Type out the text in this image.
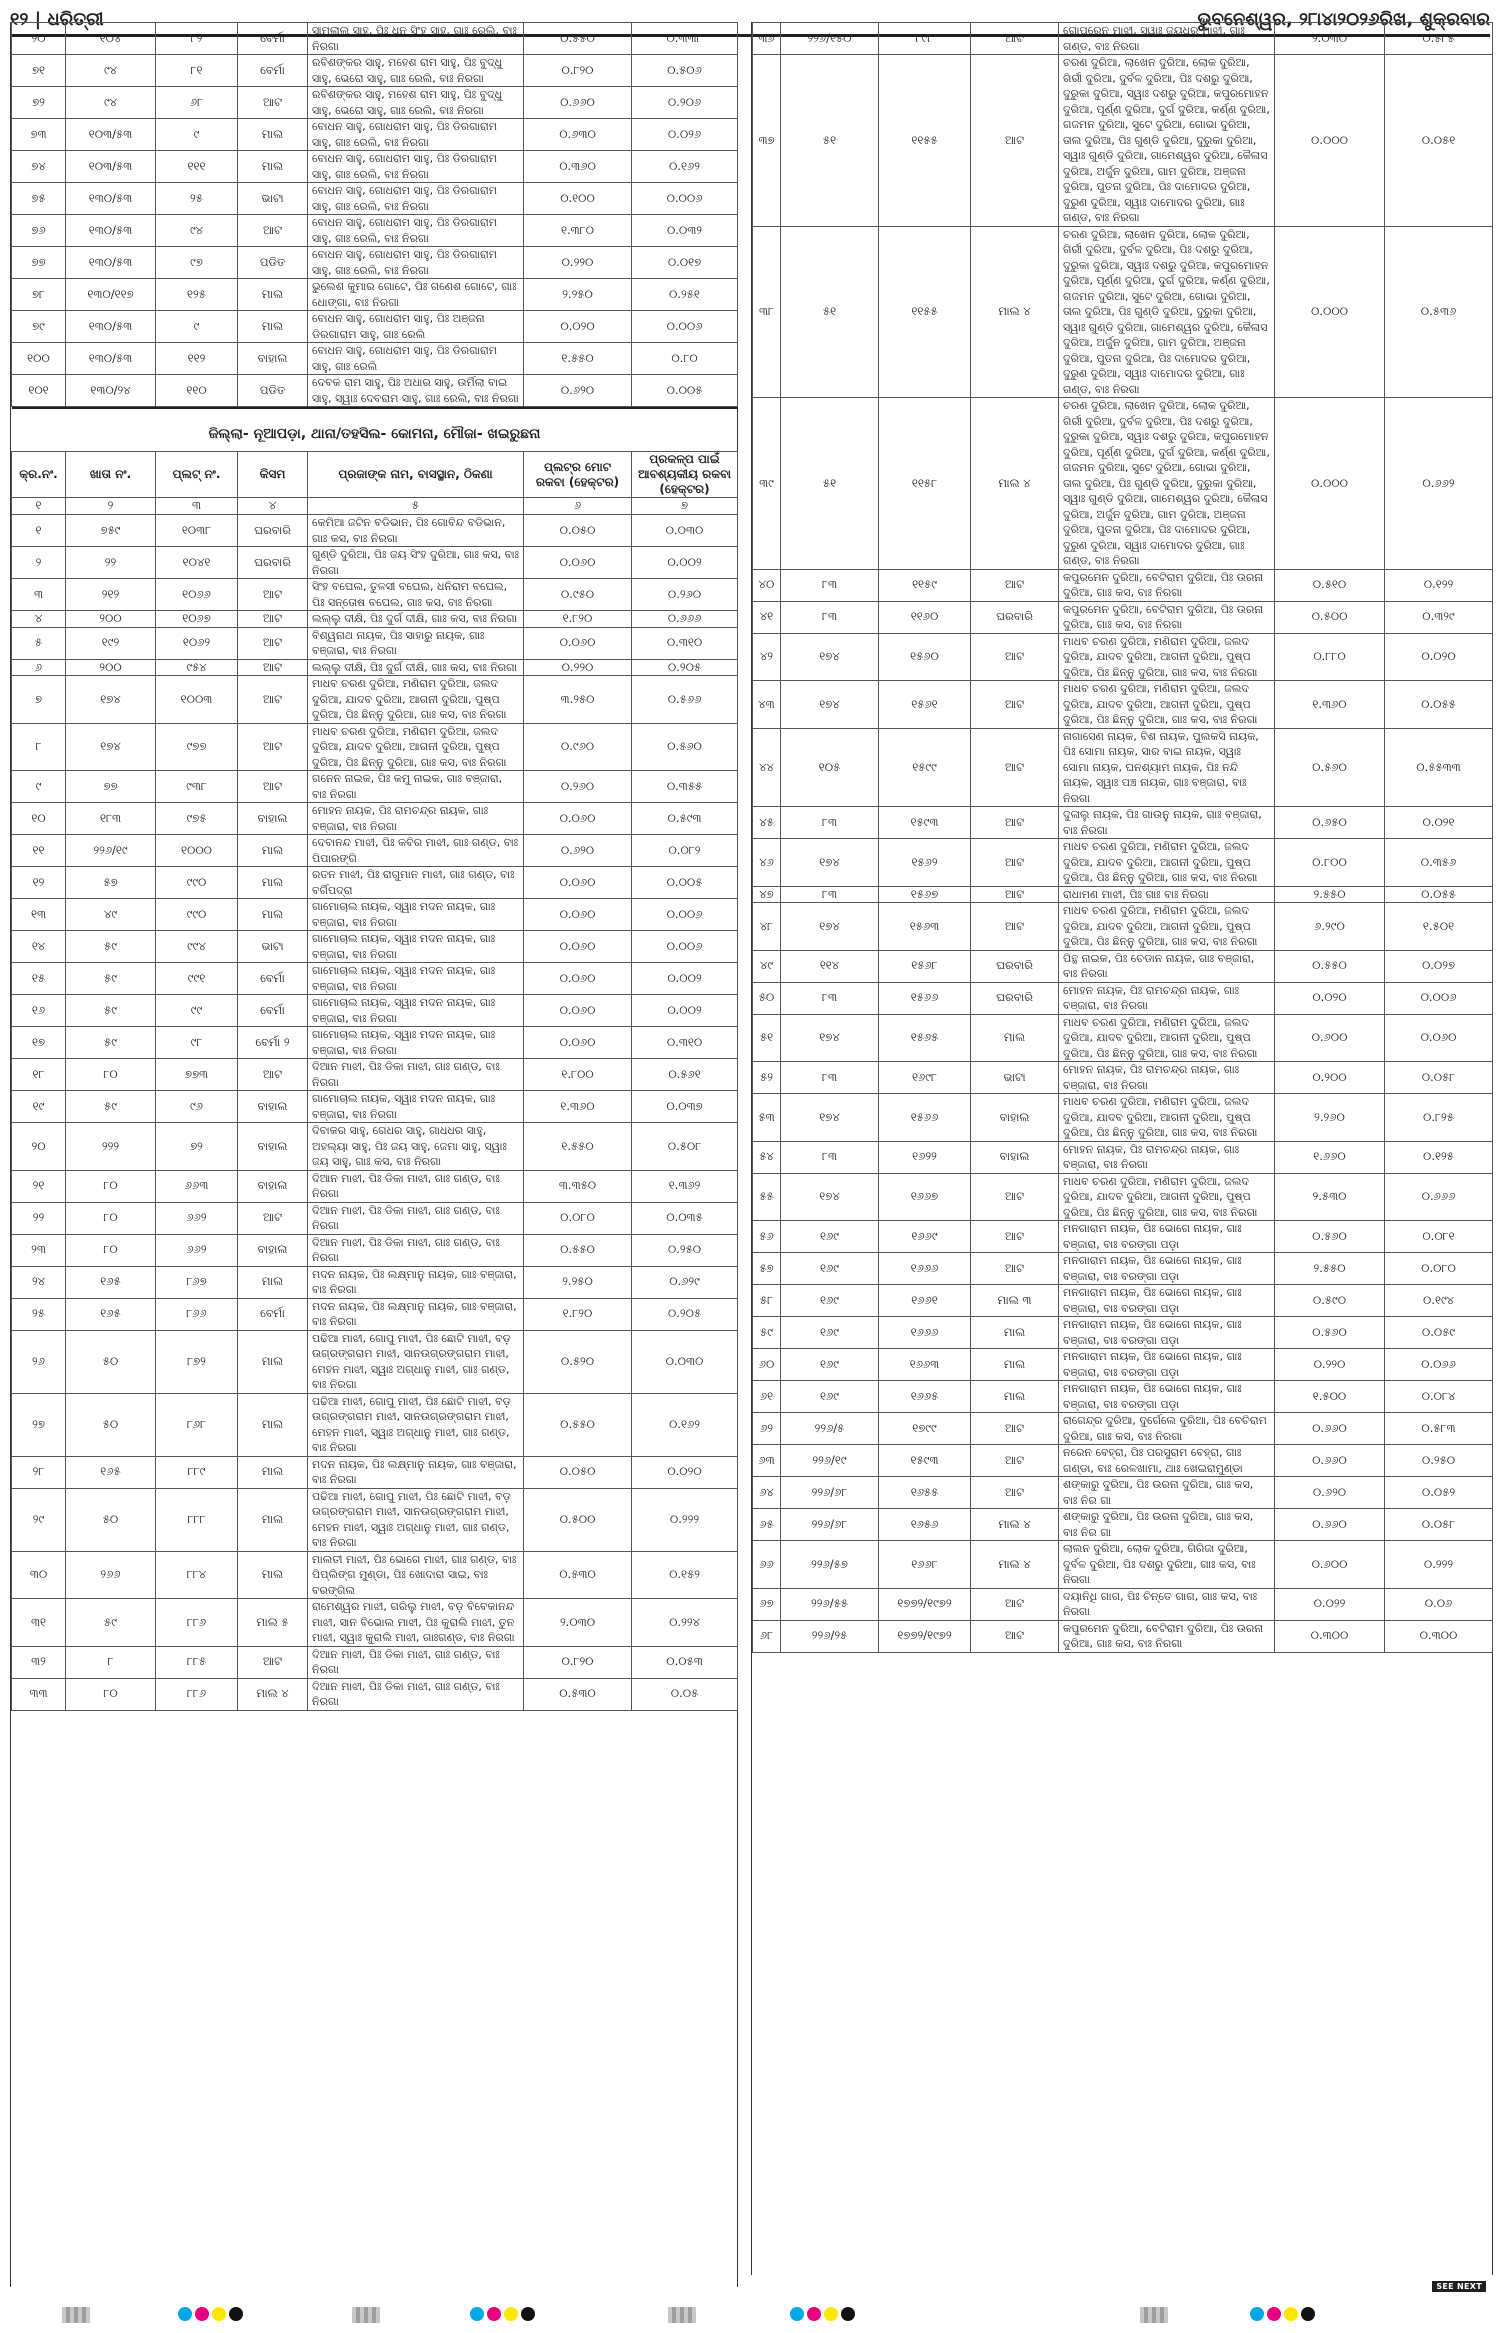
୧୨ | ଧରିତ୍ରୀ	ଭୁବନେଶ୍ୱର, ୨୮ା୪ା୨୦୨୬ରିଖ, ଶୁକ୍ରବାର
୨୦	୧୦୪	୮୨	ବେର୍ମା	ସାମଲାଲ ସାହୁ, ପିଃ ଧନ ସିଂହ ସାହୁ, ଗାଃ ରେଲି, ବାଃ ନିରଗା	୦.୫୫୦	୦.୩୩୮
୭୧	୯୪	୮୧	ବେର୍ମା	ରବିଶଙ୍କର ସାହୁ, ମହେଶ ରାମ ସାହୁ, ପିଃ ବୁଦ୍ଧୁ ସାହୁ, ଭେରୋ ସାହୁ, ଗାଃ ରେଲି, ବାଃ ନିରଗା	୦.୮୨୦	୦.୫୦୬
୭୨	୯୪	୬୮	ଆଟ	ରବିଶଙ୍କର ସାହୁ, ମହେଶ ରାମ ସାହୁ, ପିଃ ବୁଦ୍ଧୁ ସାହୁ, ଭେରୋ ସାହୁ, ଗାଃ ରେଲି, ବାଃ ନିରଗା	୦.୬୬୦	୦.୨୦୬
୭୩	୧୦୩/୫୩	୯	ମାଲ	ବୋଧନ ସାହୁ, ଗୋଧରାମ ସାହୁ, ପିଃ ଡିରଗାରାମ ସାହୁ, ଗାଃ ରେଲି, ବାଃ ନିରଗା	୦.୬୩୦	୦.୦୨୬
୭୪	୧୦୩/୫୩	୧୧୧	ମାଲ	ବୋଧନ ସାହୁ, ଗୋଧରାମ ସାହୁ, ପିଃ ଡିରଗାରାମ ସାହୁ, ଗାଃ ରେଲି, ବାଃ ନିରଗା	୦.୩୬୦	୦.୧୬୨
୭୫	୧୩୦/୫୩	୨୫	ଭାଟା	ବୋଧନ ସାହୁ, ଗୋଧରାମ ସାହୁ, ପିଃ ଡିରଗାରାମ ସାହୁ, ଗାଃ ରେଲି, ବାଃ ନିରଗା	୦.୧୦୦	୦.୦୦୬
୭୬	୧୩୦/୫୩	୯୪	ଆଟ	ବୋଧନ ସାହୁ, ଗୋଧରାମ ସାହୁ, ପିଃ ଡିରଗାରାମ ସାହୁ, ଗାଃ ରେଲି, ବାଃ ନିରଗା	୧.୩୮୦	୦.୦୩୨
୭୭	୧୩୦/୫୩	୯୭	ପଡିତ	ବୋଧନ ସାହୁ, ଗୋଧରାମ ସାହୁ, ପିଃ ଡିରଗାରାମ ସାହୁ, ଗାଃ ରେଲି, ବାଃ ନିରଗା	୦.୨୨୦	୦.୦୧୭
୭୮	୧୩୦/୧୧୭	୧୨୫	ମାଲ	ଭୁଲେଶ କୁମାର ଗୋଟେ, ପିଃ ଗଣେଶ ଗୋଟେ, ଗାଃ ଧୋଙ୍ଗା, ବାଃ ନିରଗା	୨.୨୫୦	୦.୨୫୧
୭୯	୧୩୦/୫୩	୯	ମାଲ	ବୋଧନ ସାହୁ, ଗୋଧରାମ ସାହୁ, ପିଃ ଅଞ୍ଜନା ଡିରଗାରାମ ସାହୁ, ଗାଃ ରେଲି	୦.୦୨୦	୦.୦୦୬
୧୦୦	୧୩୦/୫୩	୧୧୨	ବାହାଲ	ବୋଧନ ସାହୁ, ଗୋଧରାମ ସାହୁ, ପିଃ ଡିରଗାରାମ ସାହୁ, ଗାଃ ରେଲି	୧.୫୫୦	୦.୮୦
୧୦୧	୧୩୦/୨୪	୧୧୦	ପଡିତ	ଦେବକ ରାମ ସାହୁ, ପିଃ ଅଧାର ସାହୁ, ଉର୍ମିଲା ବାଇ ସାହୁ, ସ୍ୱାଃ ଦେବରାମ ସାହୁ, ଗାଃ ରେଲି, ବାଃ ନିରଗା	୦.୬୨୦	୦.୦୦୫
ଜିଲ୍ଲା- ନୂଆପଡ଼ା, ଥାନା/ତହସିଲ- କୋମନା, ମୌଜା- ଖଇରୁଛନା						
କ୍ର.ନଂ.	ଖାତା ନଂ.	ପ୍ଲଟ୍ ନଂ.	କିସମ	ପ୍ରଜାଙ୍କ ନାମ, ବାସସ୍ଥାନ, ଠିକଣା	ପ୍ଲଟ୍‌ର ମୋଟ ରକବା (ହେକ୍ଟର)	ପ୍ରକଳ୍ପ ପାଇଁ ଆବଶ୍ୟକୀୟ ରକବା (ହେକ୍ଟର)
୧	୨	୩	୪	୫	୬	୭
୧	୭୫୯	୧୦୩୮	ଘରବାରି	କେମିଆ ଜଟିନ ବଡିଭାନ, ପିଃ ଗୋବିନ୍ଦ ବଡିଭାନ, ଗାଃ କସ, ବାଃ ନିରଗା	୦.୦୫୦	୦.୦୩୦
୨	୨୨	୧୦୪୧	ଘରବାରି	ଗୁଣ୍ଡି ଦୁରିଆ, ପିଃ ଜୟ ସିଂହ ଦୁରିଆ, ଗାଃ କସ, ବାଃ ନିରଗା	୦.୦୬୦	୦.୦୦୨
୩	୨୧୨	୧୦୬୬	ଆଟ	ସିଂହ ବଘେଲ, ତୁଳସୀ ବଘେଲ, ଧନିରାମ ବଘେଲ, ପିଃ ସନ୍ତୋଷ ବଘେଲ, ଗାଃ କସ, ବାଃ ନିରଗା	୦.୯୫୦	୦.୨୬୦
୪	୨୦୦	୧୦୬୭	ଆଟ	ଲଲ୍ଲୁ ଦୀକ୍ଷି, ପିଃ ଦୁର୍ଗ ଦୀକ୍ଷି, ଗାଃ କସ, ବାଃ ନିରଗା	୧.୮୨୦	୦.୬୬୬
୫	୧୯୨	୧୦୬୨	ଆଟ	ବିଶ୍ୱନାଥ ନାୟକ, ପିଃ ସାହାରୁ ନାୟକ, ଗାଃ ବଞ୍ଜାରା, ବାଃ ନିରଗା	୦.୦୬୦	୦.୩୧୦
୬	୨୦୦	୯୫୪	ଆଟ	ଲଲ୍ଲୁ ଦୀକ୍ଷି, ପିଃ ଦୁର୍ଗ ଦୀକ୍ଷି, ଗାଃ କସ, ବାଃ ନିରଗା	୦.୨୨୦	୦.୨୦୫
୭	୧୭୪	୧୦୦୩	ଆଟ	ମାଧବ ଚରଣ ଦୁରିଆ, ମଣିରାମ ଦୁରିଆ, ଜଲଦ ଦୁରିଆ, ଯାଦବ ଦୁରିଆ, ଆଗନୀ ଦୁରିଆ, ପୁଷ୍ପ ଦୁରିଆ, ପିଃ ଛିନ୍ନୁ ଦୁରିଆ, ଗାଃ କସ, ବାଃ ନିରଗା	୩.୨୫୦	୦.୫୬୬
୮	୧୭୪	୯୭୭	ଆଟ	ମାଧବ ଚରଣ ଦୁରିଆ, ମଣିରାମ ଦୁରିଆ, ଜଲଦ ଦୁରିଆ, ଯାଦବ ଦୁରିଆ, ଆଗନୀ ଦୁରିଆ, ପୁଷ୍ପ ଦୁରିଆ, ପିଃ ଛିନ୍ନୁ ଦୁରିଆ, ଗାଃ କସ, ବାଃ ନିରଗା	୦.୯୬୦	୦.୫୬୦
୯	୭୭	୯୩୮	ଆଟ	ଗନେନ ନାଇକ, ପିଃ କମୁ ନାଇକ, ଗାଃ ବଞ୍ଜାରା, ବାଃ ନିରଗା	୦.୨୬୦	୦.୩୫୫
୧୦	୧୮୩	୯୭୫	ବାହାଲ	ମୋହନ ନାୟକ, ପିଃ ରାମଚନ୍ଦ୍ର ନାୟକ, ଗାଃ ବଞ୍ଜାରା, ବାଃ ନିରଗା	୦.୦୬୦	୦.୫୯୩
୧୧	୨୨୬/୧୯	୧୦୦୦	ମାଲ	ଦେବାନନ୍ଦ ମାଝୀ, ପିଃ କବିର ମାଝୀ, ଗାଃ ଗଣ୍ଡ, ବାଃ ପିପାରଙ୍ଗି	୦.୬୨୦	୦.୦୮୨
୧୨	୫୭	୯୯୦	ମାଲ	ରତନ ମାଝୀ, ପିଃ ରାଗୁମାନ ମାଝୀ, ଗାଃ ଗଣ୍ଡ, ବାଃ ବର୍ଗିପଦ୍ରା	୦.୦୬୦	୦.୦୦୫
୧୩	୪୯	୯୯୦	ମାଲ	ଗାମୋଚାଲ ନାୟକ, ସ୍ୱାଃ ମଦନ ନାୟକ, ଗାଃ ବଞ୍ଜାରା, ବାଃ ନିରଗା	୦.୦୬୦	୦.୦୦୬
୧୪	୫୯	୯୯୪	ଭାଟା	ଗାମୋଚାଲ ନାୟକ, ସ୍ୱାଃ ମଦନ ନାୟକ, ଗାଃ ବଞ୍ଜାରା, ବାଃ ନିରଗା	୦.୦୬୦	୦.୦୦୬
୧୫	୫୯	୯୯୧	ବେର୍ମା	ଗାମୋଚାଲ ନାୟକ, ସ୍ୱାଃ ମଦନ ନାୟକ, ଗାଃ ବଞ୍ଜାରା, ବାଃ ନିରଗା	୦.୦୬୦	୦.୦୦୨
୧୬	୫୯	୯୯	ବେର୍ମା	ଗାମୋଚାଲ ନାୟକ, ସ୍ୱାଃ ମଦନ ନାୟକ, ଗାଃ ବଞ୍ଜାରା, ବାଃ ନିରଗା	୦.୦୬୦	୦.୦୦୨
୧୭	୫୯	୯୮	ବେର୍ମା ୨	ଗାମୋଚାଲ ନାୟକ, ସ୍ୱାଃ ମଦନ ନାୟକ, ଗାଃ ବଞ୍ଜାରା, ବାଃ ନିରଗା	୦.୦୬୦	୦.୩୧୦
୧୮	୮୦	୭୭୩	ଆଟ	ଦିଆନ ମାଝୀ, ପିଃ ଡିକା ମାଝୀ, ଗାଃ ଗଣ୍ଡ, ବାଃ ନିରଗା	୧.୮୦୦	୦.୫୬୧
୧୯	୫୯	୯୬	ବାହାଲ	ଗାମୋଚାଲ ନାୟକ, ସ୍ୱାଃ ମଦନ ନାୟକ, ଗାଃ ବଞ୍ଜାରା, ବାଃ ନିରଗା	୧.୩୬୦	୦.୦୩୭
୨୦	୨୨୨	୭୨	ବାହାଲ	ଦିବାକର ସାହୁ, ଗେଧର ସାହୁ, ଗାଧଧର ସାହୁ, ଅହଲ୍ୟା ସାହୁ, ପିଃ ଜୟ ସାହୁ, ଜେମା ସାହୁ, ସ୍ୱାଃ ଜୟ ସାହୁ, ଗାଃ କସ, ବାଃ ନିରଗା	୧.୫୫୦	୦.୫୦୮
୨୧	୮୦	୬୬୩	ବାହାଲ	ଦିଆନ ମାଝୀ, ପିଃ ଡିକା ମାଝୀ, ଗାଃ ଗଣ୍ଡ, ବାଃ ନିରଗା	୩.୩୫୦	୧.୩୬୨
୨୨	୮୦	୬୬୨	ଆଟ	ଦିଆନ ମାଝୀ, ପିଃ ଡିକା ମାଝୀ, ଗାଃ ଗଣ୍ଡ, ବାଃ ନିରଗା	୦.୦୮୦	୦.୦୩୫
୨୩	୮୦	୬୬୨	ବାହାଲ	ଦିଆନ ମାଝୀ, ପିଃ ଡିକା ମାଝୀ, ଗାଃ ଗଣ୍ଡ, ବାଃ ନିରଗା	୦.୫୫୦	୦.୨୫୦
୨୪	୧୬୫	୮୬୭	ମାଲ	ମଦନ ନାୟକ, ପିଃ ଲକ୍ଷ୍ମାନୁ ନାୟକ, ଗାଃ ବଞ୍ଜାରା, ବାଃ ନିରଗା	୨.୨୫୦	୦.୬୨୯
୨୫	୧୬୫	୮୬୬	ବେର୍ମା	ମଦନ ନାୟକ, ପିଃ ଲକ୍ଷ୍ମାନୁ ନାୟକ, ଗାଃ ବଞ୍ଜାରା, ବାଃ ନିରଗା	୧.୮୨୦	୦.୨୦୫
୨୬	୫୦	୮୭୨	ମାଲ	ପଢିଆ ମାଝୀ, ଗୋପୁ ମାଝୀ, ପିଃ ଛୋଟି ମାଝୀ, ବଡ଼ ଉଗ୍ରଙ୍ଗରାମ ମାଝୀ, ସାନଉଗ୍ରଙ୍ଗରାମ ମାଝୀ, ମେହନ ମାଝୀ, ସ୍ୱାଃ ଅଗ୍ଧାନୁ ମାଝୀ, ଗାଃ ଗଣ୍ଡ, ବାଃ ନିରଗା	୦.୫୨୦	୦.୦୩୦
୨୭	୫୦	୮୬୮	ମାଲ	ପଢିଆ ମାଝୀ, ଗୋପୁ ମାଝୀ, ପିଃ ଛୋଟି ମାଝୀ, ବଡ଼ ଉଗ୍ରଙ୍ଗରାମ ମାଝୀ, ସାନଉଗ୍ରଙ୍ଗରାମ ମାଝୀ, ମେହନ ମାଝୀ, ସ୍ୱାଃ ଅଗ୍ଧାନୁ ମାଝୀ, ଗାଃ ଗଣ୍ଡ, ବାଃ ନିରଗା	୦.୫୫୦	୦.୧୬୨
୨୮	୧୬୫	୮୮୯	ମାଲ	ମଦନ ନାୟକ, ପିଃ ଲକ୍ଷ୍ମାନୁ ନାୟକ, ଗାଃ ବଞ୍ଜାରା, ବାଃ ନିରଗା	୦.୦୫୦	୦.୦୨୦
୨୯	୫୦	୮୮୮	ମାଲ	ପଢିଆ ମାଝୀ, ଗୋପୁ ମାଝୀ, ପିଃ ଛୋଟି ମାଝୀ, ବଡ଼ ଉଗ୍ରଙ୍ଗରାମ ମାଝୀ, ସାନଉଗ୍ରଙ୍ଗରାମ ମାଝୀ, ମେହନ ମାଝୀ, ସ୍ୱାଃ ଅଗ୍ଧାନୁ ମାଝୀ, ଗାଃ ଗଣ୍ଡ, ବାଃ ନିରଗା	୦.୫୦୦	୦.୨୨୨
୩୦	୨୬୬	୮୮୪	ମାଲ	ମାଲତୀ ମାଝୀ, ପିଃ ଭୋଗେ ମାଝୀ, ଗାଃ ଗଣ୍ଡ, ବାଃ ପିପ୍ଲିଙ୍ଗ ମୁଣ୍ଡା, ପିଃ ଖୋଦାରା ସାଇ, ବାଃ ବରଙ୍ଗିଲ	୦.୫୩୦	୦.୧୫୨
୩୧	୫୯	୮୮୬	ମାଲ ୫	ରାମେଶ୍ୱର ମାଝୀ, ଗରିଲୁ ମାଝୀ, ବଡ଼ ବିବେକାନନ୍ଦ ମାଝୀ, ସାନ ବିଭୋଲ ମାଝୀ, ପିଃ କୁରାଲି ମାଝୀ, ତୁନ ମାଝୀ, ସ୍ୱାଃ କୁରାଲି ମାଝୀ, ଗାଃଗଣ୍ଡ, ବାଃ ନିରଗା	୨.୦୩୦	୦.୨୨୪
୩୨	୮	୮୮୫	ଆଟ	ଦିଆନ ମାଝୀ, ପିଃ ଡିକା ମାଝୀ, ଗାଃ ଗଣ୍ଡ, ବାଃ ନିରଗା	୦.୮୨୦	୦.୦୫୩
୩୩	୮୦	୮୮୬	ମାଲ ୪	ଦିଆନ ମାଝୀ, ପିଃ ଡିକା ମାଝୀ, ଗାଃ ଗଣ୍ଡ, ବାଃ ନିରଗା	୦.୫୩୦	୦.୦୫
୩୬	୨୨୬/୧୫୦	୮୯୮	ଆଟ	ଗୋପୁରେନ ମାଝୀ, ସ୍ୱାଃ ଜୟଧର ମାଝୀ, ଗାଃ ଗଣ୍ଡ, ବାଃ ନିରଗା	୨.୦୩୦	୦.୫୮୫
୩୭	୫୧	୧୧୫୫	ଆଟ	ଚରଣ ଦୁରିଆ, ଲାଖେନ ଦୁରିଆ, ଲୋକ ଦୁରିଆ, ଗିର୍ରୀ ଦୁରିଆ, ଦୁର୍ବଳ ଦୁରିଆ, ପିଃ ଦଶରୁ ଦୁରିଆ, ଦୁରୁକା ଦୁରିଆ, ସ୍ୱାଃ ଦଶରୁ ଦୁରିଆ, କପୁରମୋହନ ଦୁରିଆ, ପୂର୍ଣ୍ଣ ଦୁରିଆ, ଦୁର୍ଗ ଦୁରିଆ, କର୍ଣ୍ଣ ଦୁରିଆ, ଗଜମନ ଦୁରିଆ, ସୁଟେ ଦୁରିଆ, ଗୋଭା ଦୁରିଆ, ତାଲ ଦୁରିଆ, ପିଃ ଗୁଣ୍ଡି ଦୁରିଆ, ଦୁରୁକା ଦୁରିଆ, ସ୍ୱାଃ ଗୁଣ୍ଡି ଦୁରିଆ, ଗାମେଶ୍ୱର ଦୁରିଆ, କୈଳାସ ଦୁରିଆ, ଅର୍ଜୁନ ଦୁରିଆ, ଗାମ ଦୁରିଆ, ଅଞ୍ଜନା ଦୁରିଆ, ପୁତନା ଦୁରିଆ, ପିଃ ଦାମୋଦର ଦୁରିଆ, ଦୁରୁଣ ଦୁରିଆ, ସ୍ୱାଃ ଦାମୋଦର ଦୁରିଆ, ଗାଃ ଗଣ୍ଡ, ବାଃ ନିରଗା	୦.୦୦୦	୦.୦୫୧
୩୮	୫୧	୧୧୫୫	ମାଲ ୪	ଚରଣ ଦୁରିଆ, ଲାଖେନ ଦୁରିଆ, ଲୋକ ଦୁରିଆ, ଗିର୍ରୀ ଦୁରିଆ, ଦୁର୍ବଳ ଦୁରିଆ, ପିଃ ଦଶରୁ ଦୁରିଆ, ଦୁରୁକା ଦୁରିଆ, ସ୍ୱାଃ ଦଶରୁ ଦୁରିଆ, କପୁରମୋହନ ଦୁରିଆ, ପୂର୍ଣ୍ଣ ଦୁରିଆ, ଦୁର୍ଗ ଦୁରିଆ, କର୍ଣ୍ଣ ଦୁରିଆ, ଗଜମନ ଦୁରିଆ, ସୁଟେ ଦୁରିଆ, ଗୋଭା ଦୁରିଆ, ତାଲ ଦୁରିଆ, ପିଃ ଗୁଣ୍ଡି ଦୁରିଆ, ଦୁରୁକା ଦୁରିଆ, ସ୍ୱାଃ ଗୁଣ୍ଡି ଦୁରିଆ, ଗାମେଶ୍ୱର ଦୁରିଆ, କୈଳାସ ଦୁରିଆ, ଅର୍ଜୁନ ଦୁରିଆ, ଗାମ ଦୁରିଆ, ଅଞ୍ଜନା ଦୁରିଆ, ପୁତନା ଦୁରିଆ, ପିଃ ଦାମୋଦର ଦୁରିଆ, ଦୁରୁଣ ଦୁରିଆ, ସ୍ୱାଃ ଦାମୋଦର ଦୁରିଆ, ଗାଃ ଗଣ୍ଡ, ବାଃ ନିରଗା	୦.୦୦୦	୦.୫୩୬
୩୯	୫୧	୧୧୫୮	ମାଲ ୪	ଚରଣ ଦୁରିଆ, ଲାଖେନ ଦୁରିଆ, ଲୋକ ଦୁରିଆ, ଗିର୍ରୀ ଦୁରିଆ, ଦୁର୍ବଳ ଦୁରିଆ, ପିଃ ଦଶରୁ ଦୁରିଆ, ଦୁରୁକା ଦୁରିଆ, ସ୍ୱାଃ ଦଶରୁ ଦୁରିଆ, କପୁରମୋହନ ଦୁରିଆ, ପୂର୍ଣ୍ଣ ଦୁରିଆ, ଦୁର୍ଗ ଦୁରିଆ, କର୍ଣ୍ଣ ଦୁରିଆ, ଗଜମନ ଦୁରିଆ, ସୁଟେ ଦୁରିଆ, ଗୋଭା ଦୁରିଆ, ତାଲ ଦୁରିଆ, ପିଃ ଗୁଣ୍ଡି ଦୁରିଆ, ଦୁରୁକା ଦୁରିଆ, ସ୍ୱାଃ ଗୁଣ୍ଡି ଦୁରିଆ, ଗାମେଶ୍ୱର ଦୁରିଆ, କୈଳାସ ଦୁରିଆ, ଅର୍ଜୁନ ଦୁରିଆ, ଗାମ ଦୁରିଆ, ଅଞ୍ଜନା ଦୁରିଆ, ପୁତନା ଦୁରିଆ, ପିଃ ଦାମୋଦର ଦୁରିଆ, ଦୁରୁଣ ଦୁରିଆ, ସ୍ୱାଃ ଦାମୋଦର ଦୁରିଆ, ଗାଃ ଗଣ୍ଡ, ବାଃ ନିରଗା	୦.୦୦୦	୦.୬୬୨
୪୦	୮୩	୧୧୫୯	ଆଟ	କପୁରମେନ ଦୁରିଆ, ବେଟିରାମ ଦୁରିଆ, ପିଃ ଉରନା ଦୁରିଆ, ଗାଃ କସ, ବାଃ ନିରଗା	୦.୫୧୦	୦.୧୨୨
୪୧	୮୩	୧୧୬୦	ଘରବାରି	କପୁରମେନ ଦୁରିଆ, ବେଟିରାମ ଦୁରିଆ, ପିଃ ଉରନା ଦୁରିଆ, ଗାଃ କସ, ବାଃ ନିରଗା	୦.୫୦୦	୦.୩୨୯
୪୨	୧୭୪	୧୫୬୦	ଆଟ	ମାଧବ ଚରଣ ଦୁରିଆ, ମଣିରାମ ଦୁରିଆ, ଜଲଦ ଦୁରିଆ, ଯାଦବ ଦୁରିଆ, ଆଗନୀ ଦୁରିଆ, ପୁଷ୍ପ ଦୁରିଆ, ପିଃ ଛିନ୍ନୁ ଦୁରିଆ, ଗାଃ କସ, ବାଃ ନିରଗା	୦.୮୮୦	୦.୦୨୦
୪୩	୧୭୪	୧୫୬୧	ଆଟ	ମାଧବ ଚରଣ ଦୁରିଆ, ମଣିରାମ ଦୁରିଆ, ଜଲଦ ଦୁରିଆ, ଯାଦବ ଦୁରିଆ, ଆଗନୀ ଦୁରିଆ, ପୁଷ୍ପ ଦୁରିଆ, ପିଃ ଛିନ୍ନୁ ଦୁରିଆ, ଗାଃ କସ, ବାଃ ନିରଗା	୧.୩୬୦	୦.୦୫୫
୪୪	୧୦୫	୧୫୯୯	ଆଟ	ନାଗାସେଣ ନାୟକ, ବିଶ ନାୟକ, ପୁଲକସି ନାୟକ, ପିଃ ସୋମା ନାୟକ, ସାର ବାଇ ନାୟକ, ସ୍ୱାଃ ସୋମା ନାୟକ, ଘନଶ୍ୟାମ ନାୟକ, ପିଃ ନନ୍ଦି ନାୟକ, ସ୍ୱାଃ ପଞ୍ଚ ନାୟକ, ଗାଃ ବଞ୍ଜାରା, ବାଃ ନିରଗା	୦.୫୬୦	୦.୫୫୩୩
୪୫	୮୩	୧୫୯୩	ଆଟ	ଦୁଳାଲୁ ନାୟକ, ପିଃ ଗାଉନୁ ନାୟକ, ଗାଃ ବଞ୍ଜାରା, ବାଃ ନିରଗା	୦.୬୫୦	୦.୦୨୧
୪୬	୧୭୪	୧୫୬୨	ଆଟ	ମାଧବ ଚରଣ ଦୁରିଆ, ମଣିରାମ ଦୁରିଆ, ଜଲଦ ଦୁରିଆ, ଯାଦବ ଦୁରିଆ, ଆଗନୀ ଦୁରିଆ, ପୁଷ୍ପ ଦୁରିଆ, ପିଃ ଛିନ୍ନୁ ଦୁରିଆ, ଗାଃ କସ, ବାଃ ନିରଗା	୦.୮୦୦	୦.୩୫୬
୪୭	୮୩	୧୫୬୭	ଆଟ	ରାଧାମଣ ମାଝୀ, ପିଃ ଗାଃ ବାଃ ନିରଗା	୨.୫୫୦	୦.୦୫୫
୪୮	୧୭୪	୧୫୬୩	ଆଟ	ମାଧବ ଚରଣ ଦୁରିଆ, ମଣିରାମ ଦୁରିଆ, ଜଲଦ ଦୁରିଆ, ଯାଦବ ଦୁରିଆ, ଆଗନୀ ଦୁରିଆ, ପୁଷ୍ପ ଦୁରିଆ, ପିଃ ଛିନ୍ନୁ ଦୁରିଆ, ଗାଃ କସ, ବାଃ ନିରଗା	୬.୨୯୦	୧.୫୦୧
୪୯	୧୧୪	୧୫୬୮	ଘରବାରି	ପିନ୍ଥ ନାଇକ, ପିଃ ଚେଡାନ ନାୟକ, ଗାଃ ବଞ୍ଜାରା, ବାଃ ନିରଗା	୦.୫୫୦	୦.୦୨୭
୫୦	୮୩	୧୫୬୬	ଘରବାରି	ମୋହନ ନାୟକ, ପିଃ ରାମଚନ୍ଦ୍ର ନାୟକ, ଗାଃ ବଞ୍ଜାରା, ବାଃ ନିରଗା	୦.୦୨୦	୦.୦୦୬
୫୧	୧୭୪	୧୫୬୫	ମାଲ	ମାଧବ ଚରଣ ଦୁରିଆ, ମଣିରାମ ଦୁରିଆ, ଜଲଦ ଦୁରିଆ, ଯାଦବ ଦୁରିଆ, ଆଗନୀ ଦୁରିଆ, ପୁଷ୍ପ ଦୁରିଆ, ପିଃ ଛିନ୍ନୁ ଦୁରିଆ, ଗାଃ କସ, ବାଃ ନିରଗା	୦.୬୦୦	୦.୦୬୦
୫୨	୮୩	୧୬୯୮	ଭାଟା	ମୋହନ ନାୟକ, ପିଃ ରାମଚନ୍ଦ୍ର ନାୟକ, ଗାଃ ବଞ୍ଜାରା, ବାଃ ନିରଗା	୦.୨୦୦	୦.୦୫୮
୫୩	୧୭୪	୧୫୬୬	ବାହାଲ	ମାଧବ ଚରଣ ଦୁରିଆ, ମଣିରାମ ଦୁରିଆ, ଜଲଦ ଦୁରିଆ, ଯାଦବ ଦୁରିଆ, ଆଗନୀ ଦୁରିଆ, ପୁଷ୍ପ ଦୁରିଆ, ପିଃ ଛିନ୍ନୁ ଦୁରିଆ, ଗାଃ କସ, ବାଃ ନିରଗା	୨.୨୬୦	୦.୮୨୫
୫୪	୮୩	୧୬୨୨	ବାହାଲ	ମୋହନ ନାୟକ, ପିଃ ରାମଚନ୍ଦ୍ର ନାୟକ, ଗାଃ ବଞ୍ଜାରା, ବାଃ ନିରଗା	୧.୬୬୦	୦.୧୨୫
୫୫	୧୭୪	୧୬୬୭	ଆଟ	ମାଧବ ଚରଣ ଦୁରିଆ, ମଣିରାମ ଦୁରିଆ, ଜଲଦ ଦୁରିଆ, ଯାଦବ ଦୁରିଆ, ଆଗନୀ ଦୁରିଆ, ପୁଷ୍ପ ଦୁରିଆ, ପିଃ ଛିନ୍ନୁ ଦୁରିଆ, ଗାଃ କସ, ବାଃ ନିରଗା	୨.୫୩୦	୦.୬୬୬
୫୬	୧୬୯	୧୬୬୯	ଆଟ	ମନଗାରାମ ନାୟକ, ପିଃ ଭୋଗେ ନାୟକ, ଗାଃ ବଞ୍ଜାରା, ବାଃ ବରଙ୍ଗା ପଡ଼ା	୦.୫୬୦	୦.୦୮୧
୫୭	୧୬୯	୧୬୬୬	ଆଟ	ମନଗାରାମ ନାୟକ, ପିଃ ଭୋଗେ ନାୟକ, ଗାଃ ବଞ୍ଜାରା, ବାଃ ବରଙ୍ଗା ପଡ଼ା	୨.୫୫୦	୦.୦୮୦
୫୮	୧୬୯	୧୬୬୧	ମାଲ ୩	ମନଗାରାମ ନାୟକ, ପିଃ ଭୋଗେ ନାୟକ, ଗାଃ ବଞ୍ଜାରା, ବାଃ ବରଙ୍ଗା ପଡ଼ା	୦.୫୯୦	୦.୧୯୪
୫୯	୧୬୯	୧୬୬୬	ମାଲ	ମନଗାରାମ ନାୟକ, ପିଃ ଭୋଗେ ନାୟକ, ଗାଃ ବଞ୍ଜାରା, ବାଃ ବରଙ୍ଗା ପଡ଼ା	୦.୫୬୦	୦.୦୫୯
୬୦	୧୬୯	୧୬୬୩	ମାଲ	ମନଗାରାମ ନାୟକ, ପିଃ ଭୋଗେ ନାୟକ, ଗାଃ ବଞ୍ଜାରା, ବାଃ ବରଙ୍ଗା ପଡ଼ା	୦.୨୨୦	୦.୦୬୬
୬୧	୧୬୯	୧୬୬୫	ମାଲ	ମନଗାରାମ ନାୟକ, ପିଃ ଭୋଗେ ନାୟକ, ଗାଃ ବଞ୍ଜାରା, ବାଃ ବରଙ୍ଗା ପଡ଼ା	୧.୫୦୦	୦.୦୮୪
୬୨	୨୨୬/୫	୧୭୯୯	ଆଟ	ରାଗେନ୍ଦ୍ର ଦୁରିଆ, ଦୁର୍ଗେଲେ ଦୁରିଆ, ପିଃ ବେଚିରାମ ଦୁରିଆ, ଗାଃ କସ, ବାଃ ନିରଗା	୦.୬୬୦	୦.୫୮୩
୬୩	୨୨୬/୧୯	୧୫୯୩	ଆଟ	ନରେନ ବେହ୍ରା, ପିଃ ପରସୁରାମ ବେହ୍ରା, ଗାଃ ଗଣ୍ଡା, ବାଃ ରେଳଖାମା, ଥାଃ ଖେଇରାମୁଣ୍ଡା	୦.୬୬୦	୦.୨୫୦
୬୪	୨୨୬/୬୮	୧୬୫୫	ଆଟ	ଶଙ୍କାରୁ ଦୁରିଆ, ପିଃ ଉରନା ଦୁରିଆ, ଗାଃ କସ, ବାଃ ନିର ଗା	୦.୬୨୦	୦.୦୫୨
୬୫	୨୨୬/୬୮	୧୬୫୬	ମାଲ ୪	ଶଙ୍କାରୁ ଦୁରିଆ, ପିଃ ଉରନା ଦୁରିଆ, ଗାଃ କସ, ବାଃ ନିର ଗା	୦.୬୬୦	୦.୦୫୮
୬୬	୨୨୬/୫୭	୧୬୬୮	ମାଲ ୪	ଲାଲନ ଦୁରିଆ, ଲୋକ ଦୁରିଆ, ଗିରିଜା ଦୁରିଆ, ଦୁର୍ବଳ ଦୁରିଆ, ପିଃ ଦଶରୁ ଦୁରିଆ, ଗାଃ କସ, ବାଃ ନିରଗା	୦.୬୦୦	୦.୨୨୨
୬୭	୨୨୬/୫୫	୧୭୭୨/୧୯୭୨	ଆଟ	ଦୟାନିଧି ଗାଗ, ପିଃ ଚିନ୍ତେ ଗାଗ, ଗାଃ କସ, ବାଃ ନିରଗା	୦.୦୨୨	୦.୦୬
୬୮	୨୨୬/୨୫	୧୭୭୨/୧୯୭୨	ଆଟ	କପୁରମେନ ଦୁରିଆ, ବେଟିରାମ ଦୁରିଆ, ପିଃ ଉରନା ଦୁରିଆ, ଗାଃ କସ, ବାଃ ନିରଗା	୦.୩୦୦	୦.୩୦୦
SEE NEXT
